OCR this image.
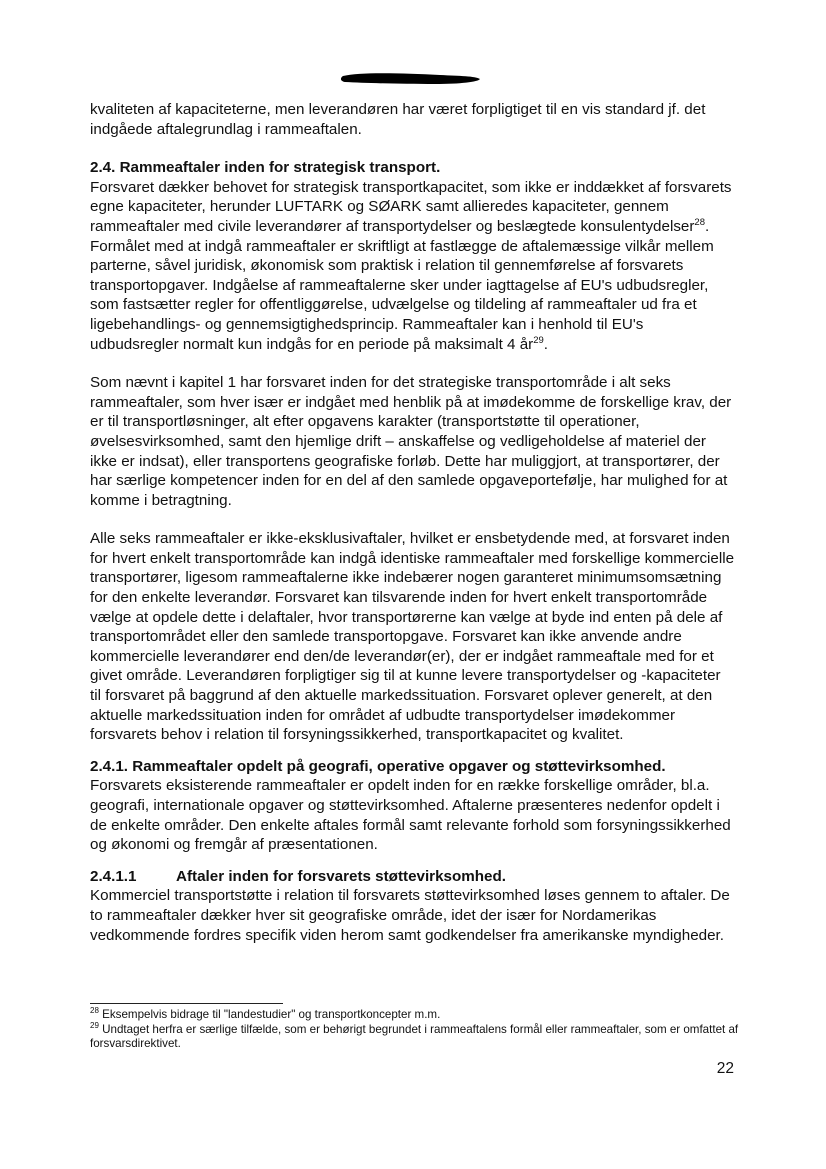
kvaliteten af kapaciteterne, men leverandøren har været forpligtiget til en vis standard jf. det indgåede aftalegrundlag i rammeaftalen.

2.4. Rammeaftaler inden for strategisk transport.

Forsvaret dækker behovet for strategisk transportkapacitet, som ikke er inddækket af forsvarets egne kapaciteter, herunder LUFTARK og SØARK samt allieredes kapaciteter, gennem rammeaftaler med civile leverandører af transportydelser og beslægtede konsulentydelser$^{28}$. Formålet med at indgå rammeaftaler er skriftligt at fastlægge de aftalemæssige vilkår mellem parterne, såvel juridisk, økonomisk som praktisk i relation til gennemførelse af forsvarets transportopgaver. Indgåelse af rammeaftalerne sker under iagttagelse af EU's udbudsregler, som fastsætter regler for offentliggørelse, udvælgelse og tildeling af rammeaftaler ud fra et ligebehandlings- og gennemsigtighedsprincip. Rammeaftaler kan i henhold til EU's udbudsregler normalt kun indgås for en periode på maksimalt 4 $år^{29}$.

Som nævnt i kapitel 1 har forsvaret inden for det strategiske transportområde i alt seks rammeaftaler, som hver især er indgået med henblik på at imødekomme de forskellige krav, der er til transportløsninger, alt efter opgavens karakter (transportstøtte til operationer, øvelsesvirksomhed, samt den hjemlige drift – anskaffelse og vedligeholdelse af materiel der ikke er indsat), eller transportens geografiske forløb. Dette har muliggjort, at transportører, der har særlige kompetencer inden for en del af den samlede opgaveportefølje, har mulighed for at komme i betragtning.

Alle seks rammeaftaler er ikke-eksklusivaftaler, hvilket er ensbetydende med, at forsvaret inden for hvert enkelt transportområde kan indgå identiske rammeaftaler med forskellige kommercielle transportører, ligesom rammeaftalerne ikke indebærer nogen garanteret minimumsomsætning for den enkelte leverandør. Forsvaret kan tilsvarende inden for hvert enkelt transportområde vælge at opdele dette i delaftaler, hvor transportørerne kan vælge at byde ind enten på dele af transportområdet eller den samlede transportopgave. Forsvaret kan ikke anvende andre kommercielle leverandører end den/de leverandør(er), der er indgået rammeaftale med for et givet område. Leverandøren forpligtiger sig til at kunne levere transportydelser og -kapaciteter til forsvaret på baggrund af den aktuelle markedssituation. Forsvaret oplever generelt, at den aktuelle markedssituation inden for området af udbudte transportydelser imødekommer forsvarets behov i relation til forsyningssikkerhed, transportkapacitet og kvalitet.

2.4.1. Rammeaftaler opdelt på geografi, operative opgaver og støttevirksomhed.

Forsvarets eksisterende rammeaftaler er opdelt inden for en række forskellige områder, bl.a. geografi, internationale opgaver og støttevirksomhed. Aftalerne præsenteres nedenfor opdelt i de enkelte områder. Den enkelte aftales formål samt relevante forhold som forsyningssikkerhed og økonomi og fremgår af præsentationen.

2.4.1.1	Aftaler inden for forsvarets støttevirksomhed.

Kommerciel transportstøtte i relation til forsvarets støttevirksomhed løses gennem to aftaler. De to rammeaftaler dækker hver sit geografiske område, idet der især for Nordamerikas vedkommende fordres specifik viden herom samt godkendelser fra amerikanske myndigheder.

$^{28}$ Eksempelvis bidrage til "landestudier" og transportkoncepter m.m.

$^{29}$ Undtaget herfra er særlige tilfælde, som er behørigt begrundet i rammeaftalens formål eller rammeaftaler, som er omfattet af forsvarsdirektivet.

22
